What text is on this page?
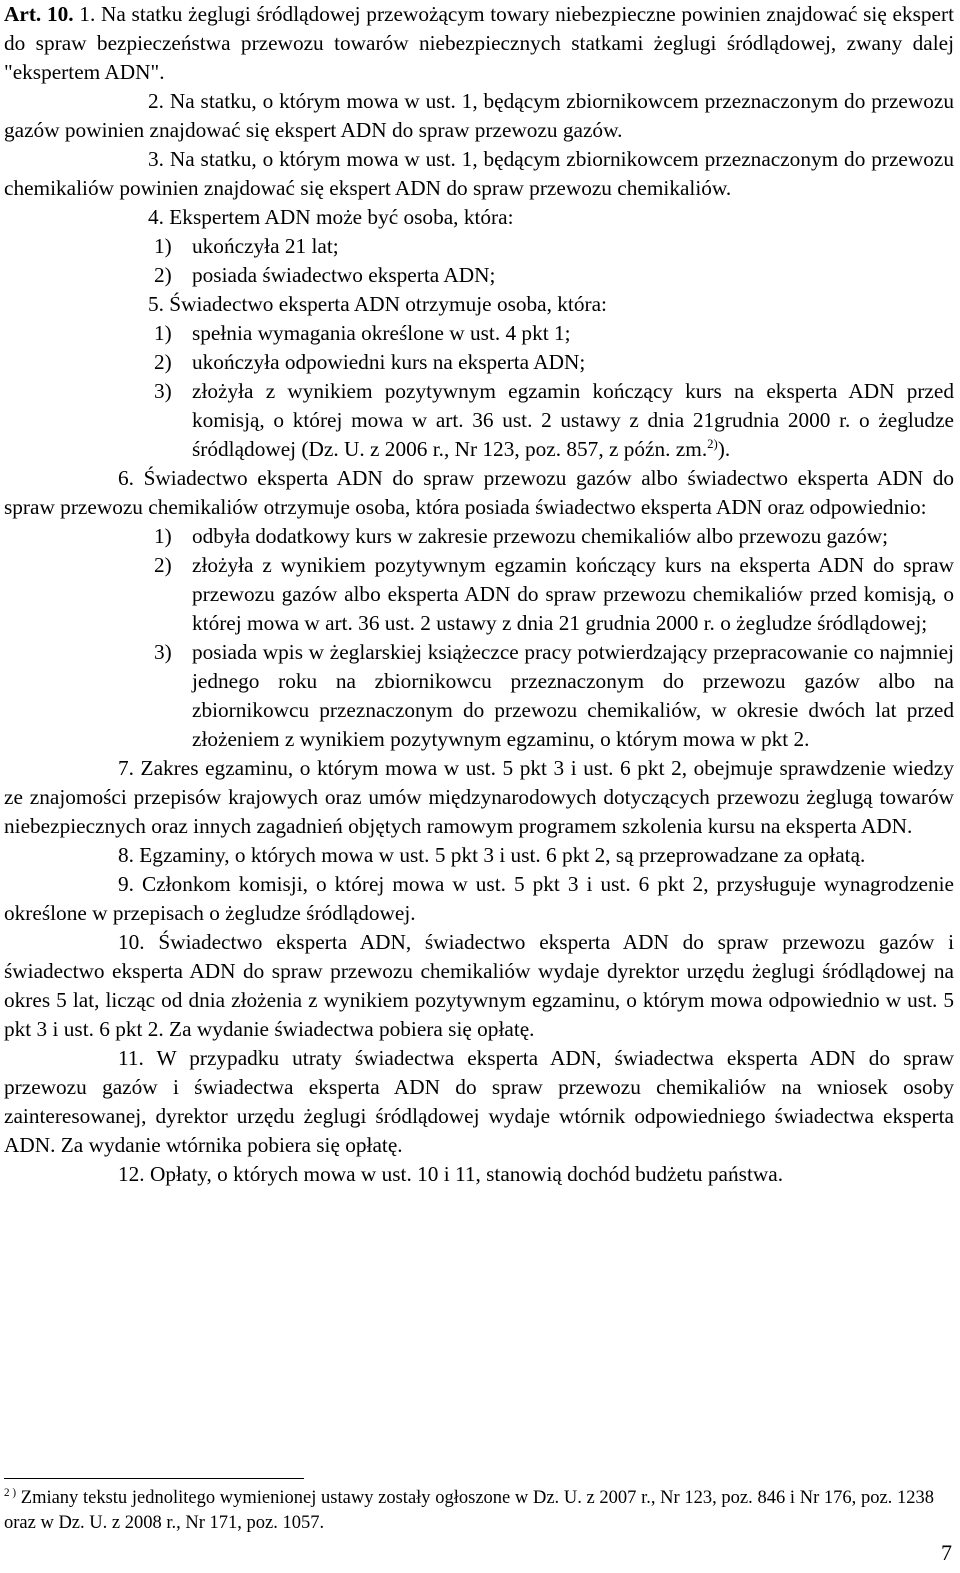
Art. 10. 1. Na statku żeglugi śródlądowej przewożącym towary niebezpieczne powinien znajdować się ekspert do spraw bezpieczeństwa przewozu towarów niebezpiecznych statkami żeglugi śródlądowej, zwany dalej "ekspertem ADN".

2. Na statku, o którym mowa w ust. 1, będącym zbiornikowcem przeznaczonym do przewozu gazów powinien znajdować się ekspert ADN do spraw przewozu gazów.

3. Na statku, o którym mowa w ust. 1, będącym zbiornikowcem przeznaczonym do przewozu chemikaliów powinien znajdować się ekspert ADN do spraw przewozu chemikaliów.

4. Ekspertem ADN może być osoba, która:

1) ukończyła 21 lat;
2) posiada świadectwo eksperta ADN;

5. Świadectwo eksperta ADN otrzymuje osoba, która:

1) spełnia wymagania określone w ust. 4 pkt 1;
2) ukończyła odpowiedni kurs na eksperta ADN;
3) złożyła z wynikiem pozytywnym egzamin kończący kurs na eksperta ADN przed komisją, o której mowa w art. 36 ust. 2 ustawy z dnia 21grudnia 2000 r. o żegludze śródlądowej (Dz. U. z 2006 r., Nr 123, poz. 857, z późn. zm.$^{2)}$).

6. Świadectwo eksperta ADN do spraw przewozu gazów albo świadectwo eksperta ADN do spraw przewozu chemikaliów otrzymuje osoba, która posiada świadectwo eksperta ADN oraz odpowiednio:

1) odbyła dodatkowy kurs w zakresie przewozu chemikaliów albo przewozu gazów;
2) złożyła z wynikiem pozytywnym egzamin kończący kurs na eksperta ADN do spraw przewozu gazów albo eksperta ADN do spraw przewozu chemikaliów przed komisją, o której mowa w art. 36 ust. 2 ustawy z dnia 21 grudnia 2000 r. o żegludze śródlądowej;
3) posiada wpis w żeglarskiej książeczce pracy potwierdzający przepracowanie co najmniej jednego roku na zbiornikowcu przeznaczonym do przewozu gazów albo na zbiornikowcu przeznaczonym do przewozu chemikaliów, w okresie dwóch lat przed złożeniem z wynikiem pozytywnym egzaminu, o którym mowa w pkt 2.

7. Zakres egzaminu, o którym mowa w ust. 5 pkt 3 i ust. 6 pkt 2, obejmuje sprawdzenie wiedzy ze znajomości przepisów krajowych oraz umów międzynarodowych dotyczących przewozu żeglugą towarów niebezpiecznych oraz innych zagadnień objętych ramowym programem szkolenia kursu na eksperta ADN.

8. Egzaminy, o których mowa w ust. 5 pkt 3 i ust. 6 pkt 2, są przeprowadzane za opłatą.

9. Członkom komisji, o której mowa w ust. 5 pkt 3 i ust. 6 pkt 2, przysługuje wynagrodzenie określone w przepisach o żegludze śródlądowej.

10. Świadectwo eksperta ADN, świadectwo eksperta ADN do spraw przewozu gazów i świadectwo eksperta ADN do spraw przewozu chemikaliów wydaje dyrektor urzędu żeglugi śródlądowej na okres 5 lat, licząc od dnia złożenia z wynikiem pozytywnym egzaminu, o którym mowa odpowiednio w ust. 5 pkt 3 i ust. 6 pkt 2. Za wydanie świadectwa pobiera się opłatę.

11. W przypadku utraty świadectwa eksperta ADN, świadectwa eksperta ADN do spraw przewozu gazów i świadectwa eksperta ADN do spraw przewozu chemikaliów na wniosek osoby zainteresowanej, dyrektor urzędu żeglugi śródlądowej wydaje wtórnik odpowiedniego świadectwa eksperta ADN. Za wydanie wtórnika pobiera się opłatę.

12. Opłaty, o których mowa w ust. 10 i 11, stanowią dochód budżetu państwa.

$^{2 )}$ Zmiany tekstu jednolitego wymienionej ustawy zostały ogłoszone w Dz. U. z 2007 r., Nr 123, poz. 846 i Nr 176, poz. 1238 oraz w Dz. U. z 2008 r., Nr 171, poz. 1057.
7
